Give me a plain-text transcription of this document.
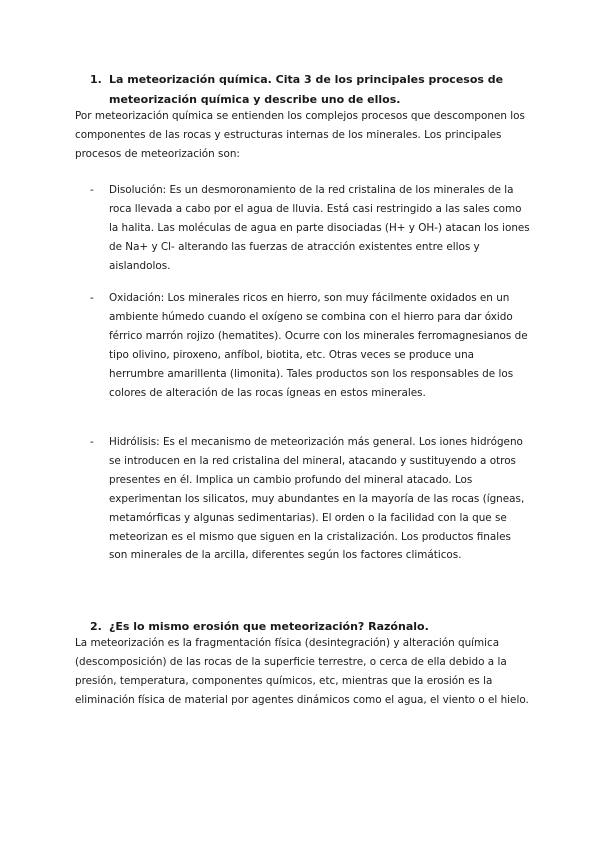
1. La meteorización química. Cita 3 de los principales procesos de meteorización química y describe uno de ellos.

Por meteorización química se entienden los complejos procesos que descomponen los componentes de las rocas y estructuras internas de los minerales. Los principales procesos de meteorización son:

-	Disolución: Es un desmoronamiento de la red cristalina de los minerales de la roca llevada a cabo por el agua de lluvia. Está casi restringido a las sales como la halita. Las moléculas de agua en parte disociadas (H+ y OH-) atacan los iones de Na+ y Cl- alterando las fuerzas de atracción existentes entre ellos y aislandolos.
-	Oxidación: Los minerales ricos en hierro, son muy fácilmente oxidados en un ambiente húmedo cuando el oxígeno se combina con el hierro para dar óxido férrico marrón rojizo (hematites). Ocurre con los minerales ferromagnesianos de tipo olivino, piroxeno, anfíbol, biotita, etc. Otras veces se produce una herrumbre amarillenta (limonita). Tales productos son los responsables de los colores de alteración de las rocas ígneas en estos minerales.
-	Hidrólisis: Es el mecanismo de meteorización más general. Los iones hidrógeno se introducen en la red cristalina del mineral, atacando y sustituyendo a otros presentes en él. Implica un cambio profundo del mineral atacado. Los experimentan los silicatos, muy abundantes en la mayoría de las rocas (ígneas, metamórficas y algunas sedimentarias). El orden o la facilidad con la que se meteorizan es el mismo que siguen en la cristalización. Los productos finales son minerales de la arcilla, diferentes según los factores climáticos.
2. ¿Es lo mismo erosión que meteorización? Razónalo.

La meteorización es la fragmentación física (desintegración) y alteración química (descomposición) de las rocas de la superficie terrestre, o cerca de ella debido a la presión, temperatura, componentes químicos, etc, mientras que la erosión es la eliminación física de material por agentes dinámicos como el agua, el viento o el hielo.
